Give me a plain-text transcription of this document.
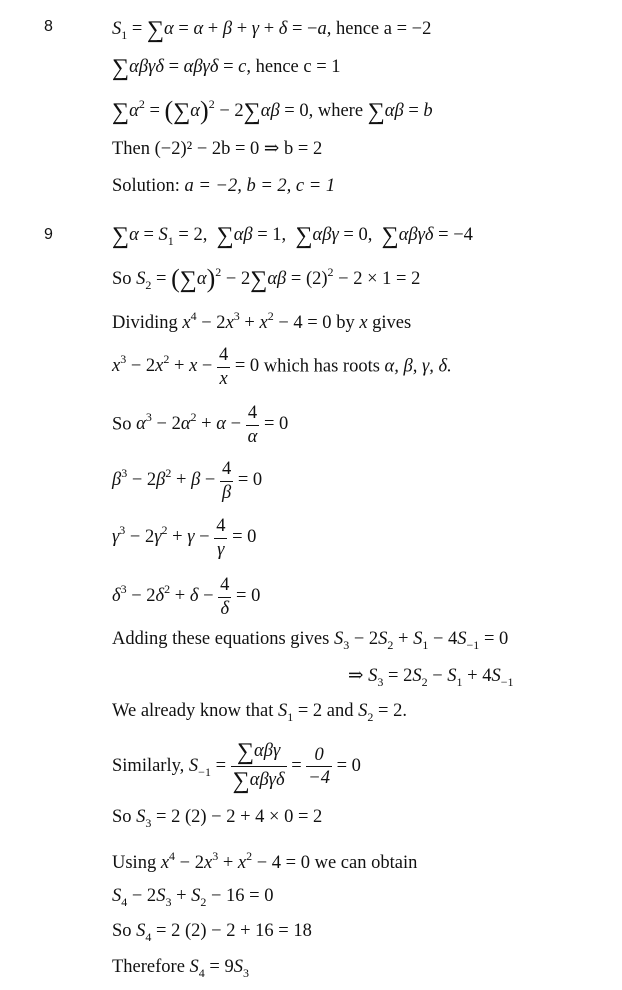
8	$S_1 = \sum\alpha = \alpha + \beta + \gamma + \delta = -a$, hence a = −2
∑αβγδ = αβγδ = c, hence c = 1
$\sum\alpha^2 = (\sum\alpha)^2 - 2\sum\alpha\beta = 0$, where ∑αβ = b
Then (−2)² − 2b = 0 ⇒ b = 2
Solution: a = −2, b = 2, c = 1
9 $\sum\alpha = S_1 = 2$, ∑αβ = 1, ∑αβγ = 0, ∑αβγδ = −4
So $S_2 = (\sum\alpha)^2 - 2\sum\alpha\beta = (2)^2 - 2 \times 1 = 2$
Dividing $x^4 - 2x^3 + x^2 - 4 = 0$ by x gives
$x^3 - 2x^2 + x - \frac{4}{x} = 0$ which has roots α, β, γ, δ.
So $\alpha^3 - 2\alpha^2 + \alpha - \frac{4}{\alpha} = 0$
$\beta^3 - 2\beta^2 + \beta - \frac{4}{\beta} = 0$
$\gamma^3 - 2\gamma^2 + \gamma - \frac{4}{\gamma} = 0$
$\delta^3 - 2\delta^2 + \delta - \frac{4}{\delta} = 0$
Adding these equations gives $S_3 - 2S_2 + S_1 - 4S_{-1} = 0$
⇒ $S_3 = 2S_2 - S_1 + 4S_{-1}$
We already know that $S_1 = 2$ and $S_2 = 2$.
Similarly, $S_{-1} = \frac{\text{∑αβγ}}{\text{∑αβγδ}} = \frac{0}{-4} = 0$
So $S_3 = 2$ (2) − 2 + 4 × 0 = 2
Using $x^4 - 2x^3 + x^2 - 4 = 0$ we can obtain
$S_4 - 2S_3 + S_2 - 16 = 0$
So $S_4 = 2$ (2) − 2 + 16 = 18
Therefore $S_4 = 9S_3$
